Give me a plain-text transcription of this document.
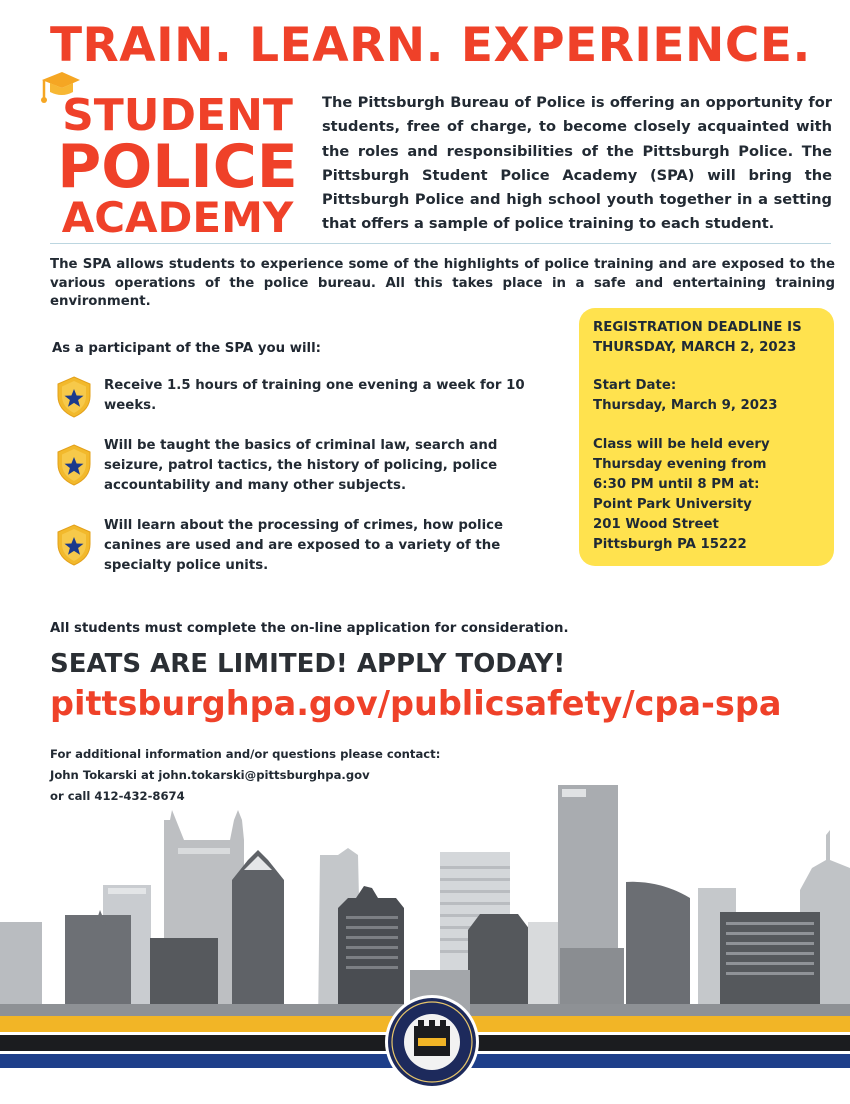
TRAIN. LEARN. EXPERIENCE.
STUDENT
POLICE
ACADEMY
The Pittsburgh Bureau of Police is offering an opportunity for students, free of charge, to become closely acquainted with the roles and responsibilities of the Pittsburgh Police. The Pittsburgh Student Police Academy (SPA) will bring the Pittsburgh Police and high school youth together in a setting that offers a sample of police training to each student.
The SPA allows students to experience some of the highlights of police training and are exposed to the various operations of the police bureau. All this takes place in a safe and entertaining training environment.
As a participant of the SPA you will:
Receive 1.5 hours of training one evening a week for 10 weeks.
Will be taught the basics of criminal law, search and seizure, patrol tactics, the history of policing, police accountability and many other subjects.
Will learn about the processing of crimes, how police canines are used and are exposed to a variety of the specialty police units.
REGISTRATION DEADLINE IS
THURSDAY, MARCH 2, 2023
Start Date:
Thursday, March 9, 2023
Class will be held every
Thursday evening from
6:30 PM until 8 PM at:
Point Park University
201 Wood Street
Pittsburgh PA 15222
All students must complete the on-line application for consideration.
SEATS ARE LIMITED! APPLY TODAY!
pittsburghpa.gov/publicsafety/cpa-spa
For additional information and/or questions please contact:
John Tokarski at john.tokarski@pittsburghpa.gov
or call 412-432-8674
